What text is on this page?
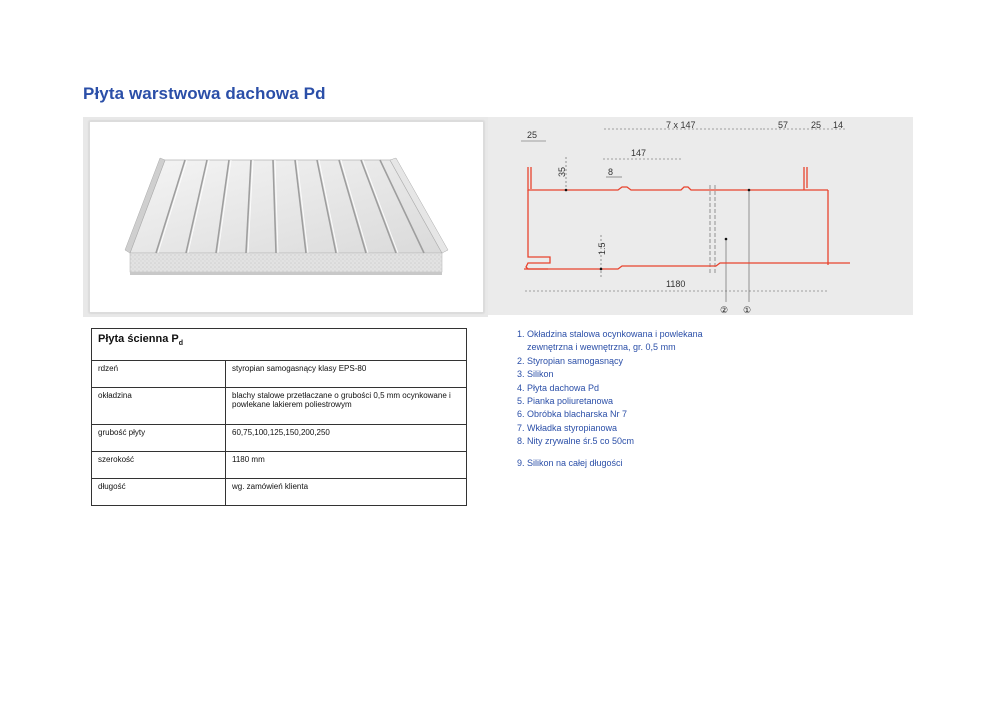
Płyta warstwowa dachowa Pd
25
7 x 147	57	25 14
147
8
35
1.5
1180
② ①
Płyta ścienna $P_d$
rdzeń	styropian samogasnący klasy EPS-80
okładzina	blachy stalowe przetłaczane o grubości 0,5 mm ocynkowane i powlekane lakierem poliestrowym
grubość płyty	60,75,100,125,150,200,250
szerokość	1180 mm
długość	wg. zamówień klienta
1. Okładzina stalowa ocynkowana i powlekana
zewnętrzna i wewnętrzna, gr. 0,5 mm
2. Styropian samogasnący
3. Silikon
4. Płyta dachowa Pd
5. Pianka poliuretanowa
6. Obróbka blacharska Nr 7
7. Wkładka styropianowa
8. Nity zrywalne śr.5 co 50cm
9. Silikon na całej długości
